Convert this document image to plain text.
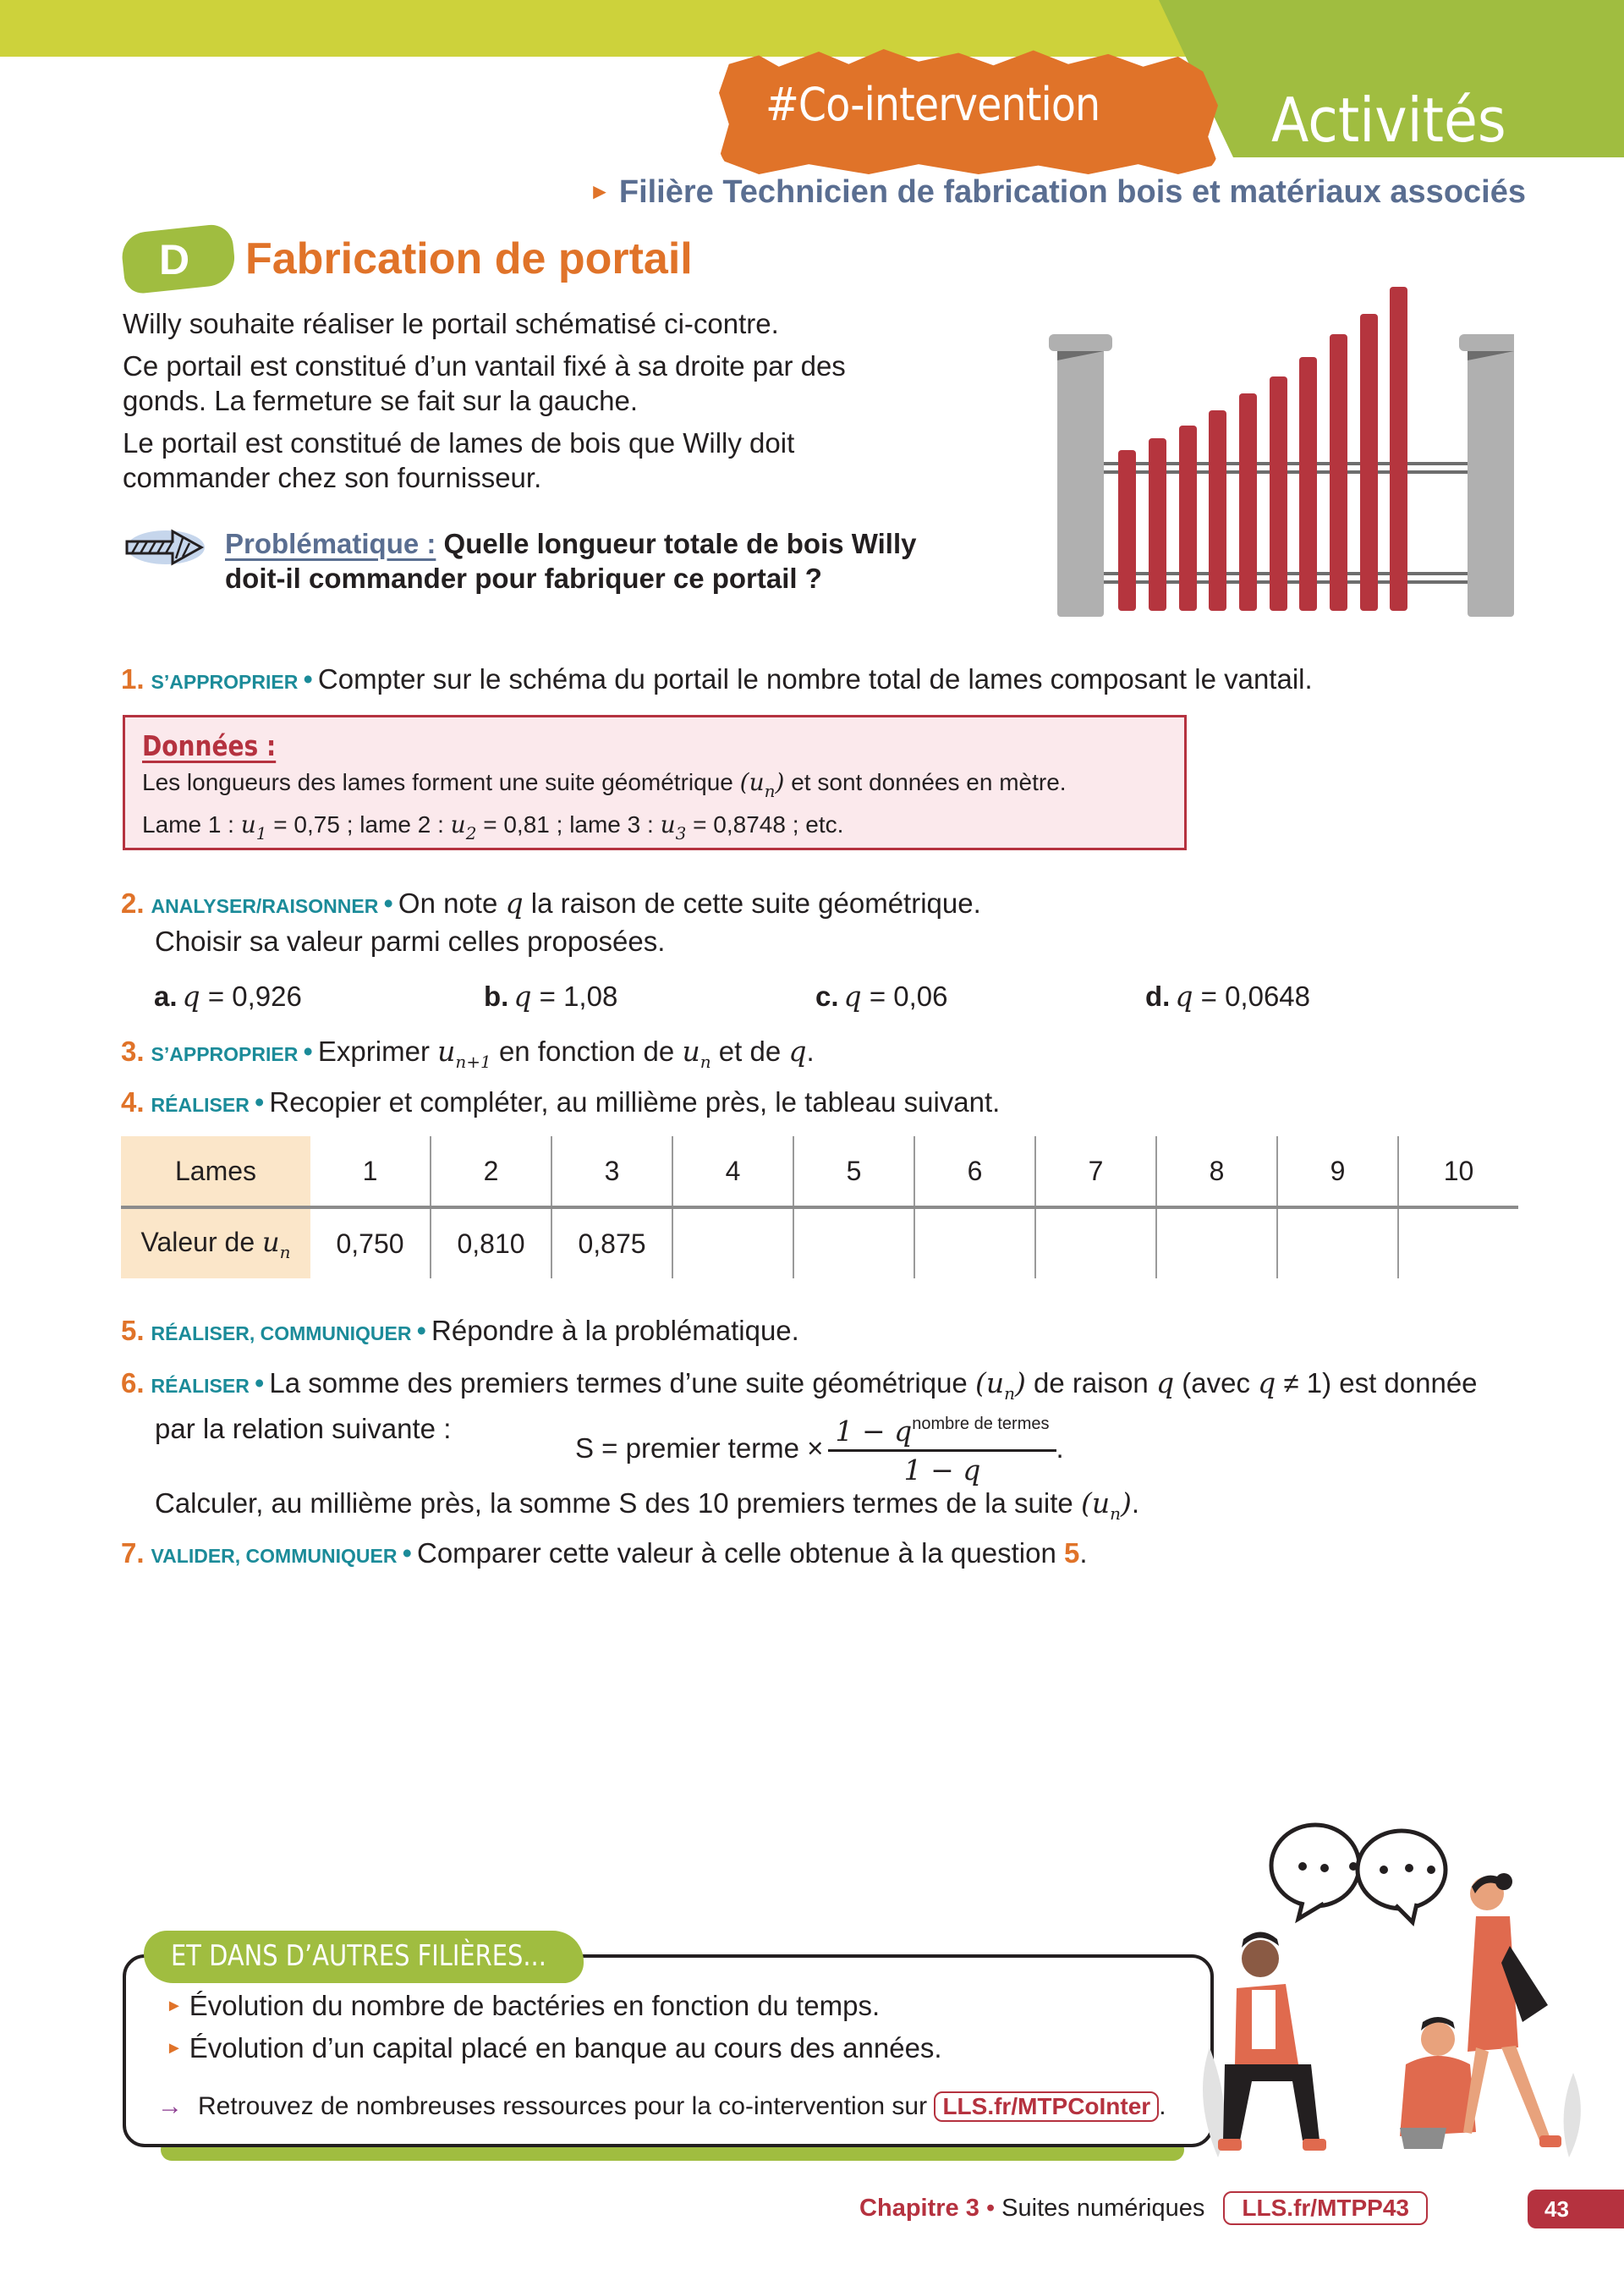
#Co-intervention	Activités
► Filière Technicien de fabrication bois et matériaux associés
D Fabrication de portail
Willy souhaite réaliser le portail schématisé ci-contre.
Ce portail est constitué d’un vantail fixé à sa droite par des gonds. La fermeture se fait sur la gauche.
Le portail est constitué de lames de bois que Willy doit commander chez son fournisseur.
Problématique : Quelle longueur totale de bois Willy doit-il commander pour fabriquer ce portail ?
1. S’APPROPRIER • Compter sur le schéma du portail le nombre total de lames composant le vantail.
Données :
Les longueurs des lames forment une suite géométrique $(u_n)$ et sont données en mètre.
Lame 1 : $u_1 = 0,75$ ; lame 2 : $u_2 = 0,81$ ; lame 3 : $u_3 = 0,8748$ ; etc.
2. ANALYSER/RAISONNER • On note q la raison de cette suite géométrique.
Choisir sa valeur parmi celles proposées.
a. q = 0,926	b. q = 1,08	c. q = 0,06	d. q = 0,0648
3. S’APPROPRIER • Exprimer $u_{n+1}$ en fonction de $u_n$ et de q.
4. RÉALISER • Recopier et compléter, au millième près, le tableau suivant.
Lames	1	2	3	4	5	6	7	8	9	10
Valeur de $u_n$	0,750	0,810	0,875							
5. RÉALISER, COMMUNIQUER • Répondre à la problématique.
6. RÉALISER • La somme des premiers termes d’une suite géométrique $(u_n)$ de raison q (avec q ≠ 1) est donnée
par la relation suivante :
S = premier terme × $\frac{1 - q^{nombre de termes}}{1 - q}$ .
Calculer, au millième près, la somme S des 10 premiers termes de la suite $(u_n)$.
7. VALIDER, COMMUNIQUER • Comparer cette valeur à celle obtenue à la question 5.
ET DANS D’AUTRES FILIÈRES...
► Évolution du nombre de bactéries en fonction du temps.
► Évolution d’un capital placé en banque au cours des années.
→ Retrouvez de nombreuses ressources pour la co-intervention sur LLS.fr/MTPCoInter .
Chapitre 3 • Suites numériques LLS.fr/MTPP43	43
